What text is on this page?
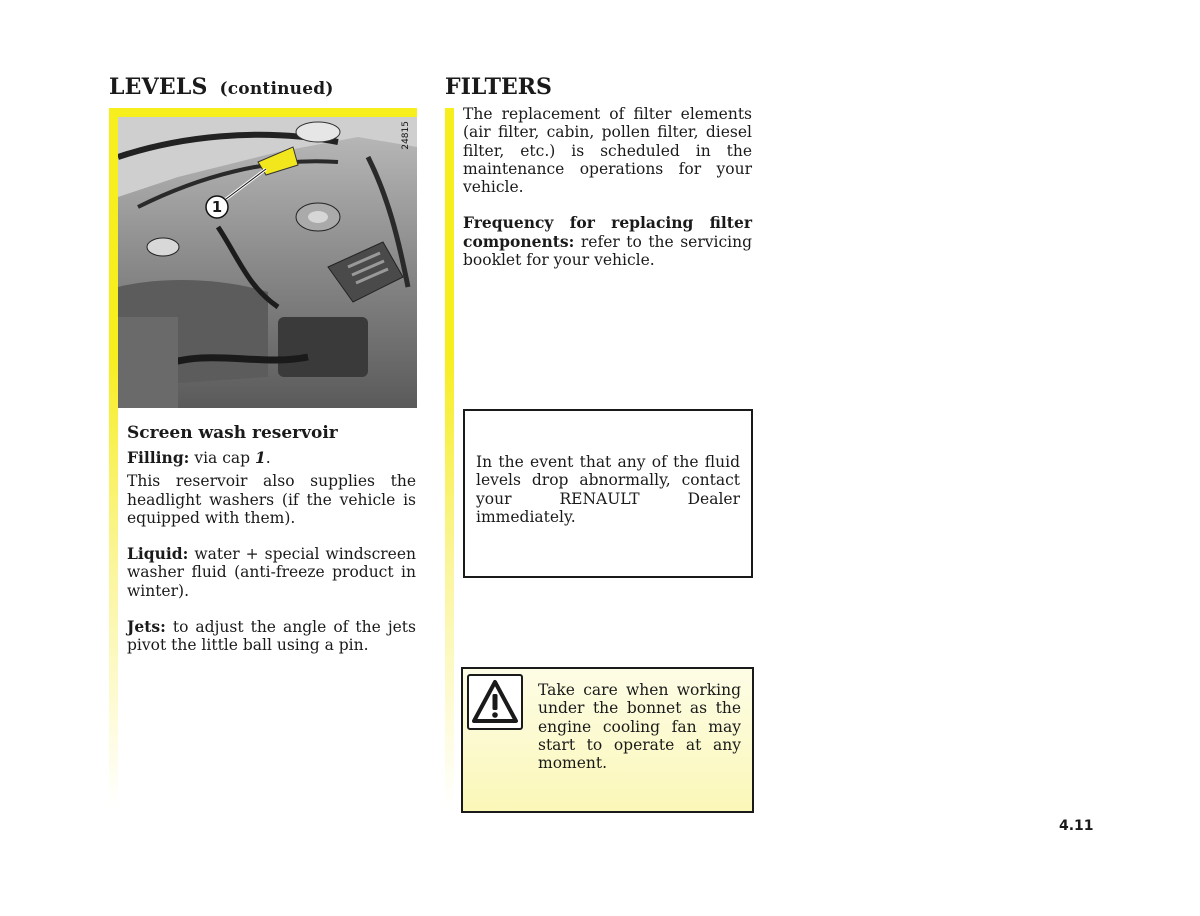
LEVELS (continued)
1
24815
Screen wash reservoir

Filling: via cap 1.

This reservoir also supplies the headlight washers (if the vehicle is equipped with them).

Liquid: water + special windscreen washer fluid (anti-freeze product in winter).

Jets: to adjust the angle of the jets pivot the little ball using a pin.

FILTERS

The replacement of filter elements (air filter, cabin, pollen filter, diesel filter, etc.) is scheduled in the maintenance operations for your vehicle.

Frequency for replacing filter components: refer to the servicing booklet for your vehicle.

In the event that any of the fluid levels drop abnormally, contact your RENAULT Dealer immediately.

Take care when working under the bonnet as the engine cooling fan may start to operate at any moment.

4.11
